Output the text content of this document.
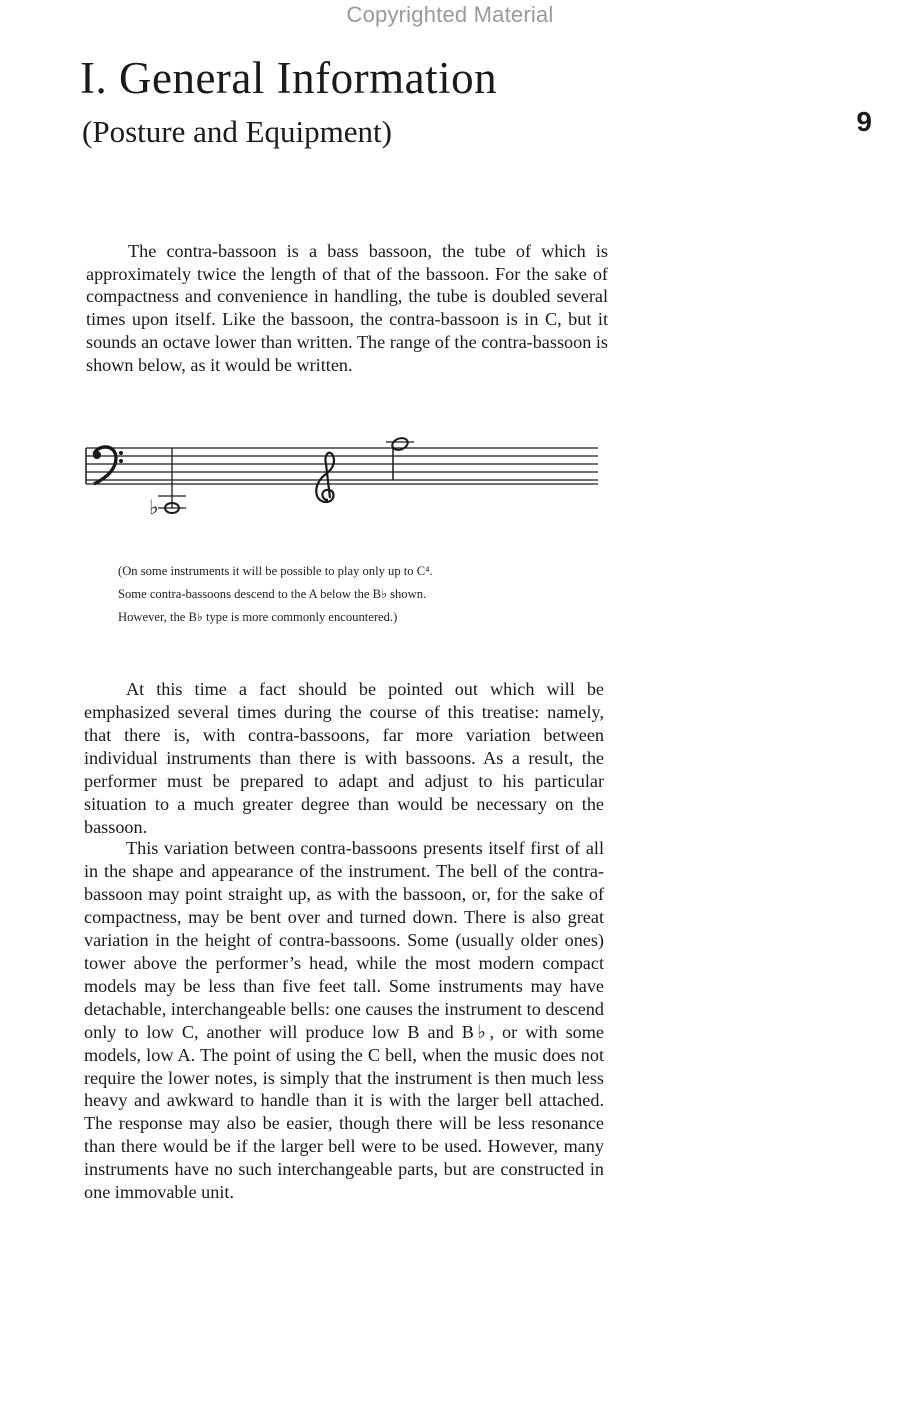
Copyrighted Material
I. General Information
(Posture and Equipment)	9

The contra-bassoon is a bass bassoon, the tube of which is approximately twice the length of that of the bassoon. For the sake of compactness and convenience in handling, the tube is doubled several times upon itself. Like the bassoon, the contra-bassoon is in C, but it sounds an octave lower than written. The range of the contra-bassoon is shown below, as it would be written.

♭

(On some instruments it will be possible to play only up to C⁴.
Some contra-bassoons descend to the A below the B♭ shown.
However, the B♭ type is more commonly encountered.)

At this time a fact should be pointed out which will be emphasized several times during the course of this treatise: namely, that there is, with contra-bassoons, far more variation between individual instruments than there is with bassoons. As a result, the performer must be prepared to adapt and adjust to his particular situation to a much greater degree than would be necessary on the bassoon.

This variation between contra-bassoons presents itself first of all in the shape and appearance of the instrument. The bell of the contra-bassoon may point straight up, as with the bassoon, or, for the sake of compactness, may be bent over and turned down. There is also great variation in the height of contra-bassoons. Some (usually older ones) tower above the performer’s head, while the most modern compact models may be less than five feet tall. Some instruments may have detachable, interchangeable bells: one causes the instrument to descend only to low C, another will produce low B and B♭, or with some models, low A. The point of using the C bell, when the music does not require the lower notes, is simply that the instrument is then much less heavy and awkward to handle than it is with the larger bell attached. The response may also be easier, though there will be less resonance than there would be if the larger bell were to be used. However, many instruments have no such interchangeable parts, but are constructed in one immovable unit.
